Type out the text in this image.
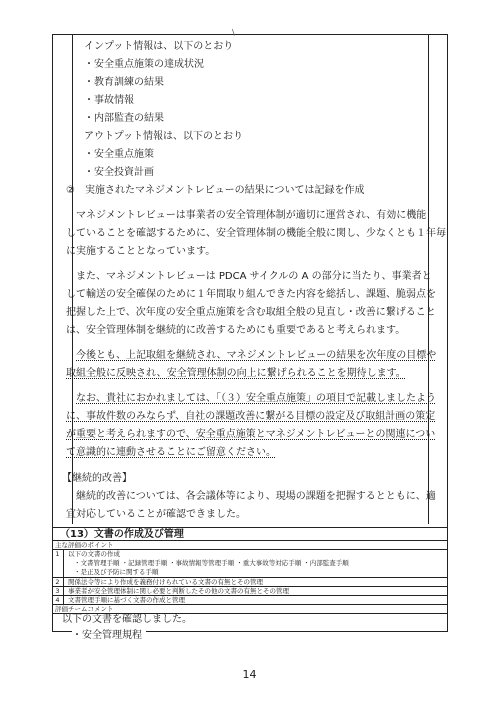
\
インプット情報は、以下のとおり
・安全重点施策の達成状況
・教育訓練の結果
・事故情報
・内部監査の結果
アウトプット情報は、以下のとおり
・安全重点施策
・安全投資計画
②　実施されたマネジメントレビューの結果については記録を作成
マネジメントレビューは事業者の安全管理体制が適切に運営され、有効に機能
していることを確認するために、安全管理体制の機能全般に関し、少なくとも１年毎
に実施することとなっています。
また、マネジメントレビューは PDCA サイクルの A の部分に当たり、事業者と
して輸送の安全確保のために１年間取り組んできた内容を総括し、課題、脆弱点を
把握した上で、次年度の安全重点施策を含む取組全般の見直し・改善に繋げること
は、安全管理体制を継続的に改善するためにも重要であると考えられます。
今後とも、上記取組を継続され、マネジメントレビューの結果を次年度の目標や
取組全般に反映され、安全管理体制の向上に繋げられることを期待します。
なお、貴社におかれましては、「（３）安全重点施策」の項目で記載しましたよう
に、事故件数のみならず、自社の課題改善に繋がる目標の設定及び取組計画の策定
が重要と考えられますので、安全重点施策とマネジメントレビューとの関連につい
て意識的に連動させることにご留意ください。
【継続的改善】
継続的改善については、各会議体等により、現場の課題を把握するとともに、適
宜対応していることが確認できました。
（13）文書の作成及び管理
主な評価のポイント
1	以下の文書の作成
・文書管理手順 ・記録管理手順 ・事故情報等管理手順 ・重大事故等対応手順 ・内部監査手順
・是正及び予防に関する手順
2	関係法令等により作成を義務付けられている文書の有無とその管理
3	事業者が安全管理体制に関し必要と判断したその他の文書の有無とその管理
4	文書管理手順に基づく文書の作成と管理
評価チームコメント
以下の文書を確認しました。
・安全管理規程
14
